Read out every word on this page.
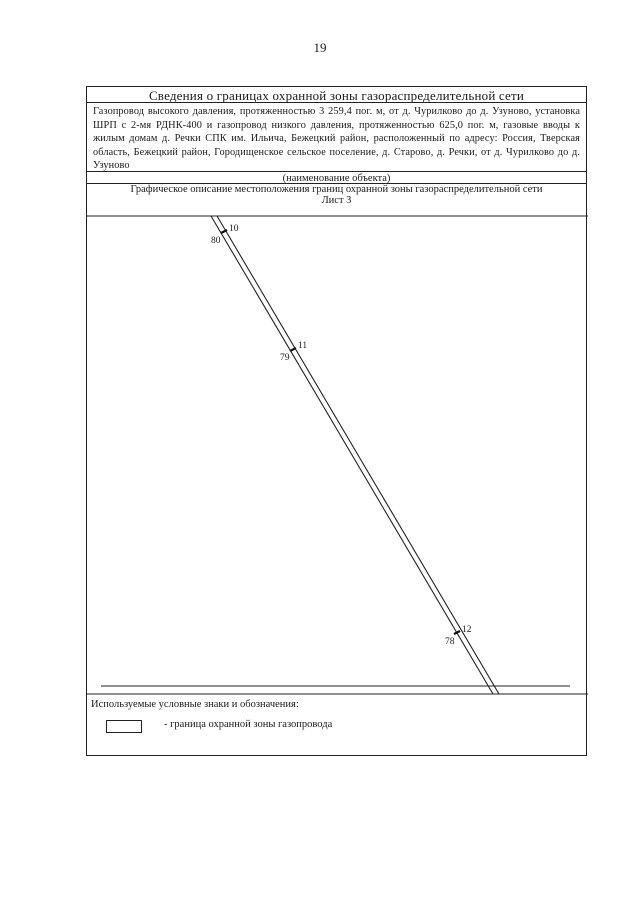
19
Сведения о границах охранной зоны газораспределительной сети
Газопровод высокого давления, протяженностью 3 259,4 пог. м, от д. Чурилково до д. Узуново, установка ШРП с 2-мя РДНК-400 и газопровод низкого давления, протяженностью 625,0 пог. м, газовые вводы к жилым домам д. Речки СПК им. Ильича, Бежецкий район, расположенный по адресу: Россия, Тверская область, Бежецкий район, Городищенское сельское поселение, д. Старово, д. Речки, от д. Чурилково до д. Узуново
(наименование объекта)
Графическое описание местоположения границ охранной зоны газораспределительной сети
Лист 3
10
80
11
79
12
78
Используемые условные знаки и обозначения:
- граница охранной зоны газопровода
